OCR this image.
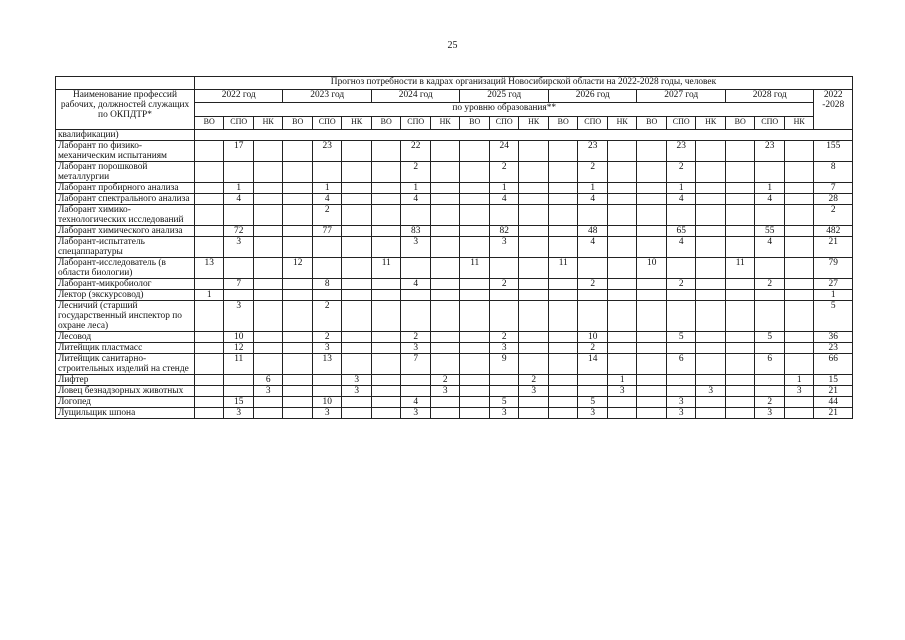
25
	Прогноз потребности в кадрах организаций Новосибирской области на 2022-2028 годы, человек																					
Наименование профессий рабочих, должностей служащих по ОКПДТР*	2022 год			2023 год			2024 год			2025 год			2026 год			2027 год			2028 год			2022 -2028
	по уровню образования**																					
	ВО	СПО	НК	ВО	СПО	НК	ВО	СПО	НК	ВО	СПО	НК	ВО	СПО	НК	ВО	СПО	НК	ВО	СПО	НК	
квалификации)																						
Лаборант по физико-механическим испытаниям		17			23			22			24			23			23			23		155
Лаборант порошковой металлургии								2			2			2			2					8
Лаборант пробирного анализа		1			1			1			1			1			1			1		7
Лаборант спектрального анализа		4			4			4			4			4			4			4		28
Лаборант химико-технологических исследований					2																	2
Лаборант химического анализа		72			77			83			82			48			65			55		482
Лаборант-испытатель спецаппаратуры		3						3			3			4			4			4		21
Лаборант-исследователь (в области биологии)	13			12			11			11			11			10			11			79
Лаборант-микробиолог		7			8			4			2			2			2			2		27
Лектор (экскурсовод)	1																					1
Лесничий (старший государственный инспектор по охране леса)		3			2																	5
Лесовод		10			2			2			2			10			5			5		36
Литейщик пластмасс		12			3			3			3			2								23
Литейщик санитарно-строительных изделий на стенде		11			13			7			9			14			6			6		66
Лифтер			6			3			2			2			1						1	15
Ловец безнадзорных животных			3			3			3			3			3			3			3	21
Логопед		15			10			4			5			5			3			2		44
Лущильщик шпона		3			3			3			3			3			3			3		21
